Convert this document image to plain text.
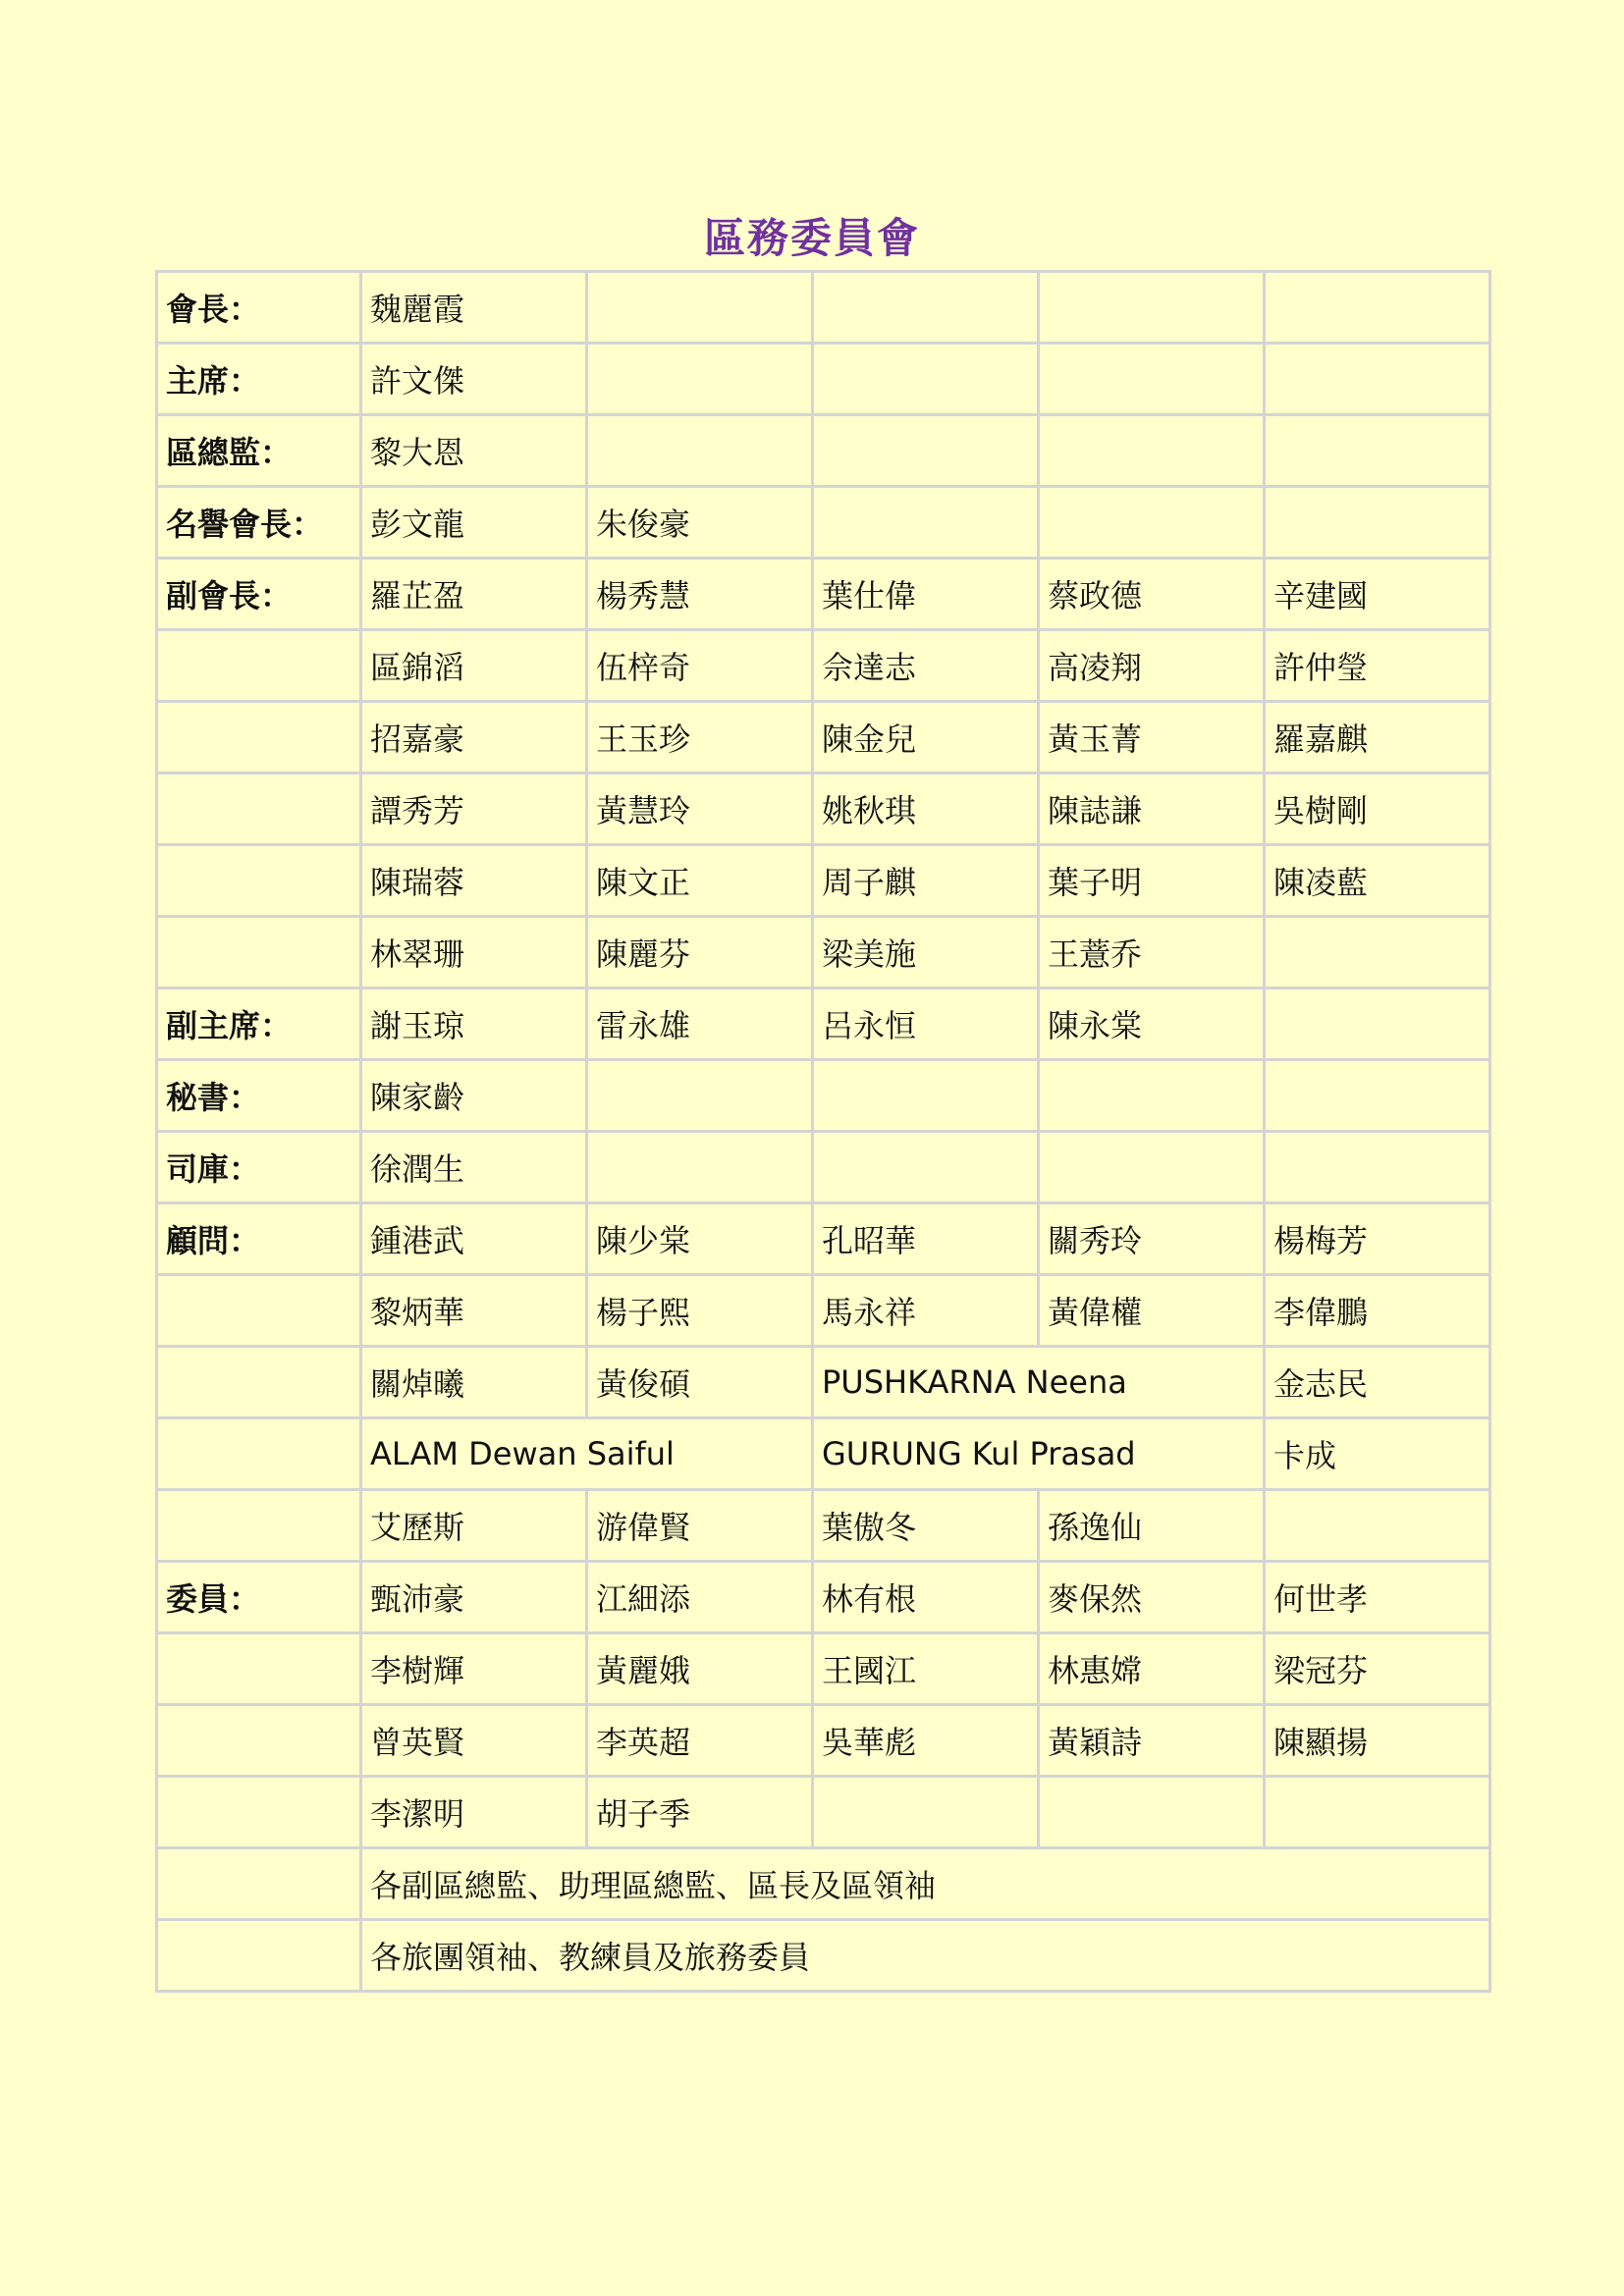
區務委員會
會長：	魏麗霞				
主席：	許文傑				
區總監：	黎大恩				
名譽會長：	彭文龍	朱俊豪			
副會長：	羅芷盈	楊秀慧	葉仕偉	蔡政德	辛建國
	區錦滔	伍梓奇	佘達志	高凌翔	許仲瑩
	招嘉豪	王玉珍	陳金兒	黃玉菁	羅嘉麒
	譚秀芳	黃慧玲	姚秋琪	陳誌謙	吳樹剛
	陳瑞蓉	陳文正	周子麒	葉子明	陳凌藍
	林翠珊	陳麗芬	梁美施	王薏乔	
副主席：	謝玉琼	雷永雄	呂永恒	陳永棠	
秘書：	陳家齡				
司庫：	徐潤生				
顧問：	鍾港武	陳少棠	孔昭華	關秀玲	楊梅芳
	黎炳華	楊子熙	馬永祥	黃偉權	李偉鵬
	關焯曦	黃俊碩	PUSHKARNA Neena		金志民
	ALAM Dewan Saiful		GURUNG Kul Prasad		卡成
	艾歷斯	游偉賢	葉傲冬	孫逸仙	
委員：	甄沛豪	江細添	林有根	麥保然	何世孝
	李樹輝	黃麗娥	王國江	林惠嫦	梁冠芬
	曾英賢	李英超	吳華彪	黃穎詩	陳顯揚
	李潔明	胡子季			
	各副區總監、助理區總監、區長及區領袖				
	各旅團領袖、教練員及旅務委員				
